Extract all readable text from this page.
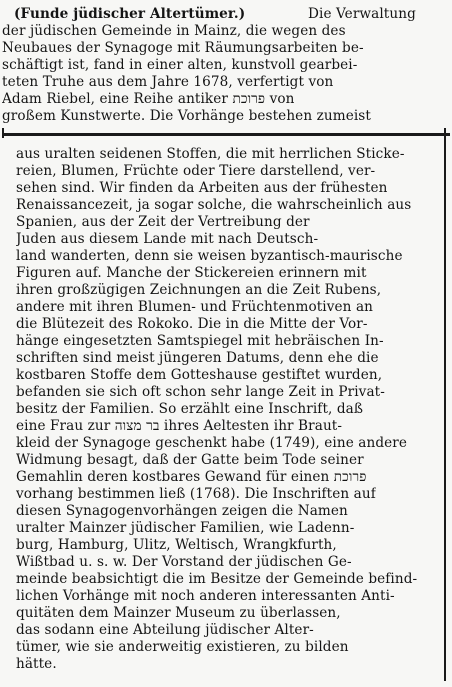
(Funde jüdischer Altertümer.)	Die Verwaltung
der jüdischen Gemeinde in Mainz, die wegen des
Neubaues der Synagoge mit Räumungsarbeiten be-
schäftigt ist, fand in einer alten, kunstvoll gearbei-
teten Truhe aus dem Jahre 1678, verfertigt von
Adam Riebel, eine Reihe antiker פרוכת von
großem Kunstwerte. Die Vorhänge bestehen zumeist
aus uralten seidenen Stoffen, die mit herrlichen Sticke-
reien, Blumen, Früchte oder Tiere darstellend, ver-
sehen sind. Wir finden da Arbeiten aus der frühesten
Renaissancezeit, ja sogar solche, die wahrscheinlich aus
Spanien, aus der Zeit der Vertreibung der
Juden aus diesem Lande mit nach Deutsch-
land wanderten, denn sie weisen byzantisch-maurische
Figuren auf. Manche der Stickereien erinnern mit
ihren großzügigen Zeichnungen an die Zeit Rubens,
andere mit ihren Blumen- und Früchtenmotiven an
die Blütezeit des Rokoko. Die in die Mitte der Vor-
hänge eingesetzten Samtspiegel mit hebräischen In-
schriften sind meist jüngeren Datums, denn ehe die
kostbaren Stoffe dem Gotteshause gestiftet wurden,
befanden sie sich oft schon sehr lange Zeit in Privat-
besitz der Familien. So erzählt eine Inschrift, daß
eine Frau zur בר מצוה ihres Aeltesten ihr Braut-
kleid der Synagoge geschenkt habe (1749), eine andere
Widmung besagt, daß der Gatte beim Tode seiner
Gemahlin deren kostbares Gewand für einen פרוכת
vorhang bestimmen ließ (1768). Die Inschriften auf
diesen Synagogenvorhängen zeigen die Namen
uralter Mainzer jüdischer Familien, wie Ladenn-
burg, Hamburg, Ulitz, Weltisch, Wrangkfurth,
Wißtbad u. s. w. Der Vorstand der jüdischen Ge-
meinde beabsichtigt die im Besitze der Gemeinde befind-
lichen Vorhänge mit noch anderen interessanten Anti-
quitäten dem Mainzer Museum zu überlassen,
das sodann eine Abteilung jüdischer Alter-
tümer, wie sie anderweitig existieren, zu bilden
hätte.
